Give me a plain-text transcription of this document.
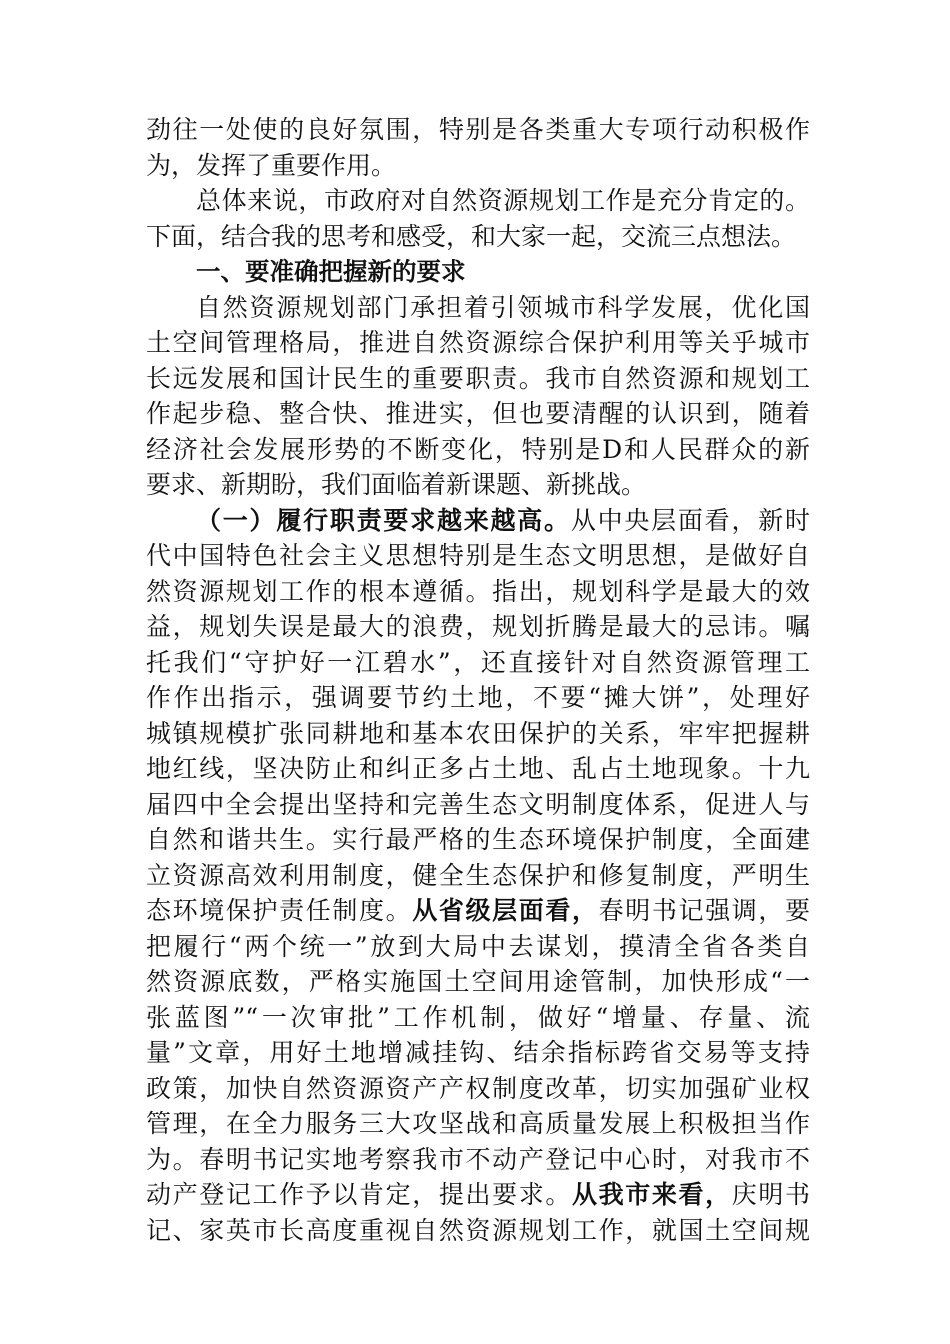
劲往一处使的良好氛围，特别是各类重大专项行动积极作
为，发挥了重要作用。
总体来说，市政府对自然资源规划工作是充分肯定的。
下面，结合我的思考和感受，和大家一起，交流三点想法。
一、要准确把握新的要求
自然资源规划部门承担着引领城市科学发展，优化国
土空间管理格局，推进自然资源综合保护利用等关乎城市
长远发展和国计民生的重要职责。我市自然资源和规划工
作起步稳、整合快、推进实，但也要清醒的认识到，随着
经济社会发展形势的不断变化，特别是D和人民群众的新
要求、新期盼，我们面临着新课题、新挑战。
（一）履行职责要求越来越高。从中央层面看，新时
代中国特色社会主义思想特别是生态文明思想，是做好自
然资源规划工作的根本遵循。指出，规划科学是最大的效
益，规划失误是最大的浪费，规划折腾是最大的忌讳。嘱
托我们“守护好一江碧水”，还直接针对自然资源管理工
作作出指示，强调要节约土地，不要“摊大饼”，处理好
城镇规模扩张同耕地和基本农田保护的关系，牢牢把握耕
地红线，坚决防止和纠正多占土地、乱占土地现象。十九
届四中全会提出坚持和完善生态文明制度体系，促进人与
自然和谐共生。实行最严格的生态环境保护制度，全面建
立资源高效利用制度，健全生态保护和修复制度，严明生
态环境保护责任制度。从省级层面看，春明书记强调，要
把履行“两个统一”放到大局中去谋划，摸清全省各类自
然资源底数，严格实施国土空间用途管制，加快形成“一
张蓝图”“一次审批”工作机制，做好“增量、存量、流
量”文章，用好土地增减挂钩、结余指标跨省交易等支持
政策，加快自然资源资产产权制度改革，切实加强矿业权
管理，在全力服务三大攻坚战和高质量发展上积极担当作
为。春明书记实地考察我市不动产登记中心时，对我市不
动产登记工作予以肯定，提出要求。从我市来看，庆明书
记、家英市长高度重视自然资源规划工作，就国土空间规
